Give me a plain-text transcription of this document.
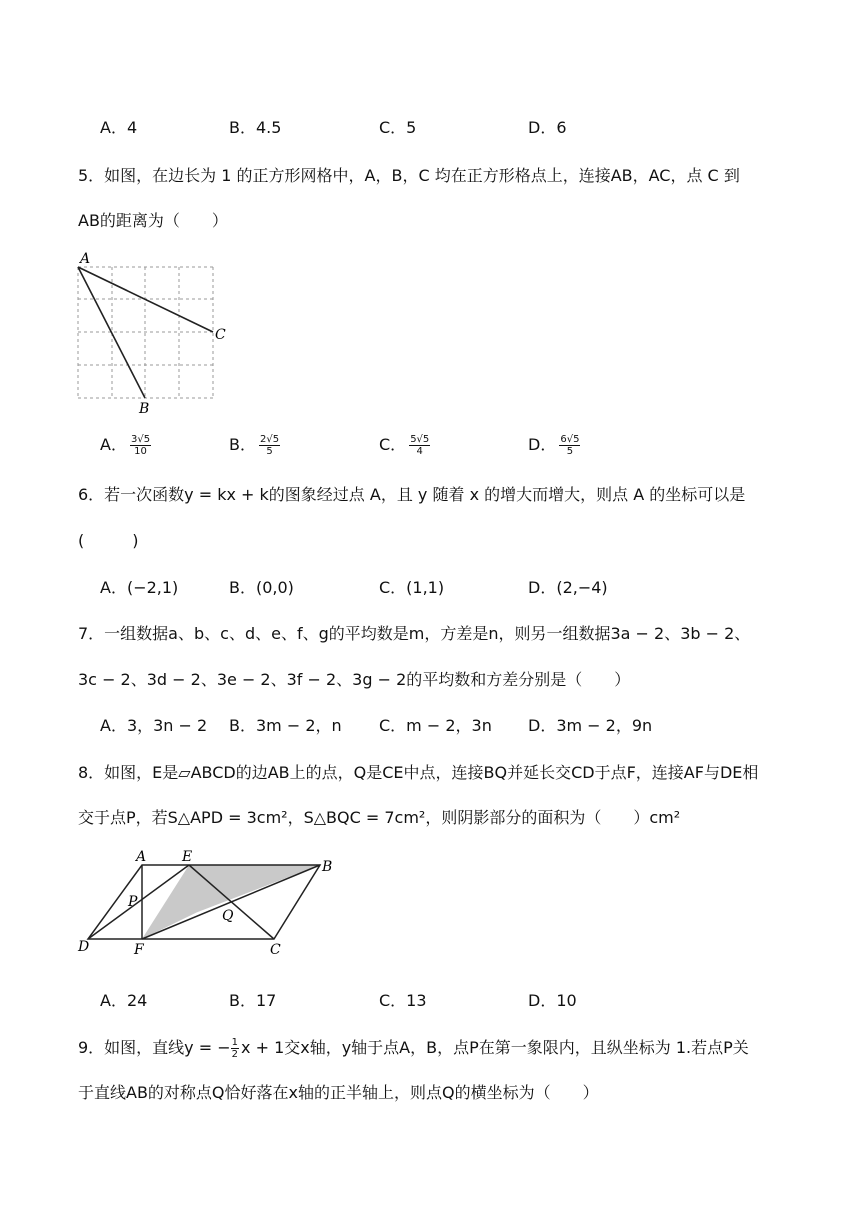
A．4	B．4.5	C．5	D．6
5．如图，在边长为 1 的正方形网格中，A，B，C 均在正方形格点上，连接AB，AC，点 C 到
AB的距离为（　　）
A
B
C
A． $\frac{3√5}{10}$	B． $\frac{2√5}{5}$	C． $\frac{5√5}{4}$	D． $\frac{6√5}{5}$
6．若一次函数y = kx + k的图象经过点 A，且 y 随着 x 的增大而增大，则点 A 的坐标可以是
(　　　)
A．(−2,1)	B．(0,0)	C．(1,1)	D．(2,−4)
7．一组数据a、b、c、d、e、f、g的平均数是m，方差是n，则另一组数据3a − 2、3b − 2、
3c − 2、3d − 2、3e − 2、3f − 2、3g − 2的平均数和方差分别是（　　）
A．3，3n − 2 B．3m − 2，n C．m − 2，3n D．3m − 2，9n
8．如图，E是▱ABCD的边AB上的点，Q是CE中点，连接BQ并延长交CD于点F，连接AF与DE相
交于点P，若S△APD = 3cm²，S△BQC = 7cm²，则阴影部分的面积为（　　）cm²
A	E
B
P
Q
D	F	C
A．24	B．17	C．13	D．10
9．如图，直线y = − $\frac{1}{2}$ x + 1交x轴，y轴于点A，B，点P在第一象限内，且纵坐标为 1.若点P关
于直线AB的对称点Q恰好落在x轴的正半轴上，则点Q的横坐标为（　　）
